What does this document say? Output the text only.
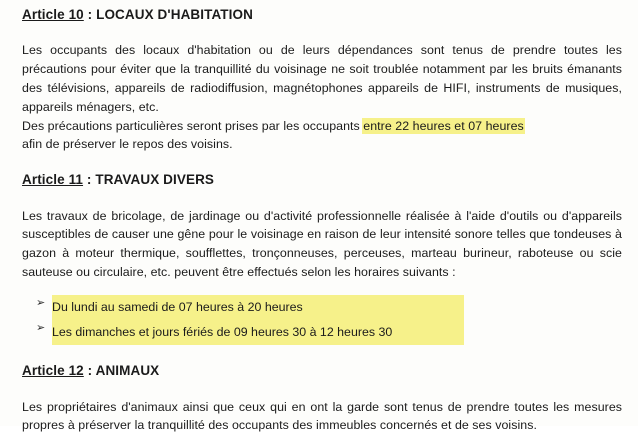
Article 10 : LOCAUX D'HABITATION
Les occupants des locaux d'habitation ou de leurs dépendances sont tenus de prendre toutes les précautions pour éviter que la tranquillité du voisinage ne soit troublée notamment par les bruits émanants des télévisions, appareils de radiodiffusion, magnétophones appareils de HIFI, instruments de musiques, appareils ménagers, etc.
Des précautions particulières seront prises par les occupants entre 22 heures et 07 heures
afin de préserver le repos des voisins.
Article 11 : TRAVAUX DIVERS
Les travaux de bricolage, de jardinage ou d'activité professionnelle réalisée à l'aide d'outils ou d'appareils susceptibles de causer une gêne pour le voisinage en raison de leur intensité sonore telles que tondeuses à gazon à moteur thermique, soufflettes, tronçonneuses, perceuses, marteau burineur, raboteuse ou scie sauteuse ou circulaire, etc. peuvent être effectués selon les horaires suivants :
➢ Du lundi au samedi de 07 heures à 20 heures
➢ Les dimanches et jours fériés de 09 heures 30 à 12 heures 30
Article 12 : ANIMAUX
Les propriétaires d'animaux ainsi que ceux qui en ont la garde sont tenus de prendre toutes les mesures propres à préserver la tranquillité des occupants des immeubles concernés et de ses voisins.
